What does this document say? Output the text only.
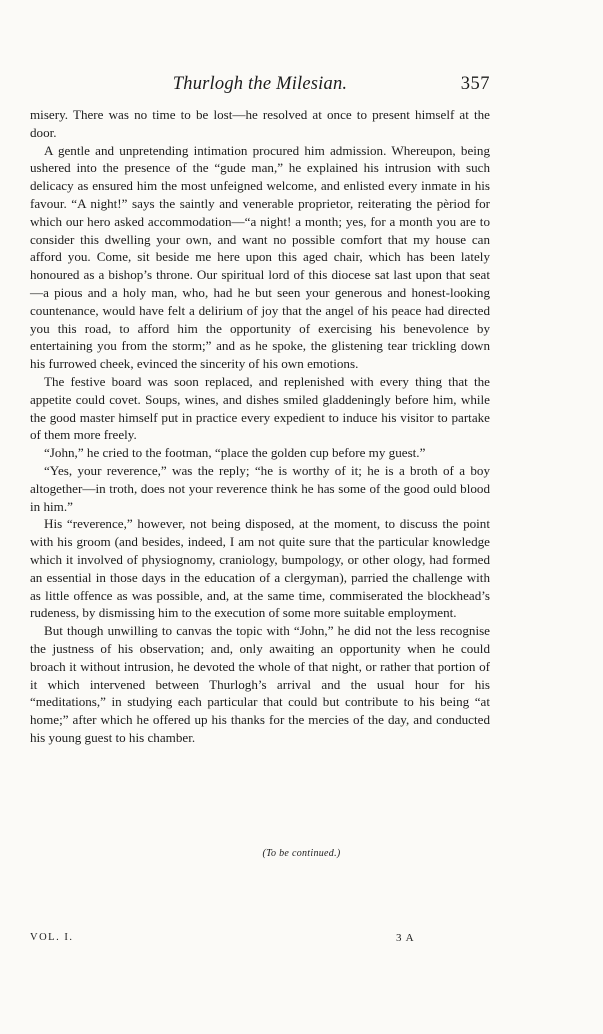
Thurlogh the Milesian.	357

misery. There was no time to be lost—he resolved at once to present himself at the door.

A gentle and unpretending intimation procured him admission. Whereupon, being ushered into the presence of the “gude man,” he explained his intrusion with such delicacy as ensured him the most unfeigned welcome, and enlisted every inmate in his favour. “A night!” says the saintly and venerable proprietor, reiterating the pèriod for which our hero asked accommodation—“a night! a month; yes, for a month you are to consider this dwelling your own, and want no possible comfort that my house can afford you. Come, sit beside me here upon this aged chair, which has been lately honoured as a bishop’s throne. Our spiritual lord of this diocese sat last upon that seat—a pious and a holy man, who, had he but seen your generous and honest-looking countenance, would have felt a delirium of joy that the angel of his peace had directed you this road, to afford him the opportunity of exercising his benevolence by entertaining you from the storm;” and as he spoke, the glistening tear trickling down his furrowed cheek, evinced the sincerity of his own emotions.

The festive board was soon replaced, and replenished with every thing that the appetite could covet. Soups, wines, and dishes smiled gladdeningly before him, while the good master himself put in practice every expedient to induce his visitor to partake of them more freely.

“John,” he cried to the footman, “place the golden cup before my guest.”

“Yes, your reverence,” was the reply; “he is worthy of it; he is a broth of a boy altogether—in troth, does not your reverence think he has some of the good ould blood in him.”

His “reverence,” however, not being disposed, at the moment, to discuss the point with his groom (and besides, indeed, I am not quite sure that the particular knowledge which it involved of physiognomy, craniology, bumpology, or other ology, had formed an essential in those days in the education of a clergyman), parried the challenge with as little offence as was possible, and, at the same time, commiserated the blockhead’s rudeness, by dismissing him to the execution of some more suitable employment.

But though unwilling to canvas the topic with “John,” he did not the less recognise the justness of his observation; and, only awaiting an opportunity when he could broach it without intrusion, he devoted the whole of that night, or rather that portion of it which intervened between Thurlogh’s arrival and the usual hour for his “meditations,” in studying each particular that could but contribute to his being “at home;” after which he offered up his thanks for the mercies of the day, and conducted his young guest to his chamber.

(To be continued.)
VOL. I.	3 A
